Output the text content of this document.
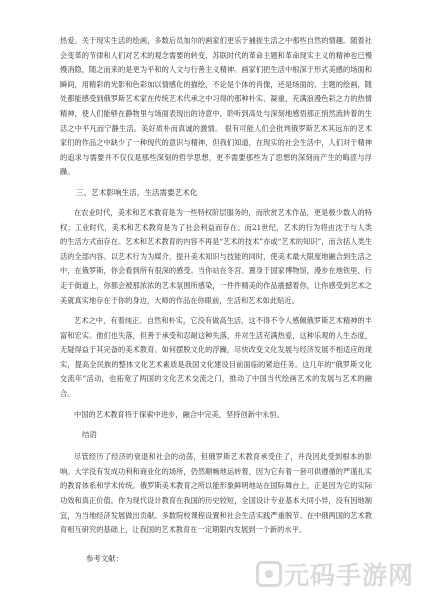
热爱。关于现实生活的绘画，多数后员加尔的画家们更乐于捕捉生活之中那些自然的情趣。随着社会变革的节律和人们对艺术的观念需要的转变，苏联时代的革命主题和革命现实主义的精神也已慢慢消隐，随之而来的是更为平和的人文与行善主义精神。画家们把生活中根深于形式美感的场面和瞬间，用精彩的光影和色彩加以情感化的描绘，不论是个体的肖像，还是场面的、主题的绘画，随处都能感受到俄罗斯艺术家在传统艺术代承之中习得的那种朴实、凝重，充满浪漫色彩之力的热情精神，使人们能够在静物里与场面表现出的诗意中，聆听到高处与深刻地感悟那正悄然流转着的生活之中平凡而宁静生活。美好质朴而真诚的激情。 很有可能人们会批判俄罗斯艺术其远东的艺术家们的作品之中缺少了一种现代的意识与精神，但我们知道，在现实的社会生活中，人们对于精神的追求与需要并不仅仅是那些深刻的哲学思想，更不需要那些为了思想的深刻而产生的晦涩与浮躁。

三、艺术影响生活，生活需要艺术化

在农业时代，美术和艺术教育是为一些特权阶层服务的，而欣赏艺术作品，更是极少数人的特权；工业时代，美术和艺术教育是为了社会利益而存在；而21世纪，艺术的行为将由沈于与人类的生活方式而存在。艺术和艺术教育的内容不再是“艺术的技术”亦或“艺术的知识”，而含括人类生活的全部内容。以艺术行为为媒介，提升美术知识与技能的同时，使美术最大限度地融合到生活之中，在俄罗斯，你会看到所有很深的感受。当你站在冬宫、置身于国家博物馆，漫步在地铁里、行走于街道上，你都会被那浓浓的艺术氛围所感染，一件件精美的作品震撼着你，让你感受到艺术之美就真实地存在于你的身边，大师的作品在你眼前，生活和艺术如此贴近。

艺术之中，有着纯正、自然和朴实，它没有做高生活，这不得不令人感佩俄罗斯艺术精神的丰富和宏实。他们也失落，但善于承受和忍耐这种失落，并对生活充满热爱，这种乐观的人生态度，无疑得益于其完备的美术教育。如何摆脱文化的浮躁，尽快改变文化发展与经济发展不相适应的现实，提高全民族的整体文化艺术素质是我国文化建设目前面临的紧迫任务。这几年的“俄罗斯文化交流年”活动，也拓宽了两国的文化艺术交流之门，推动了中国当代绘画艺术的发展与艺术的融合。

中国的艺术教育将于探索中进步，融合中完美，坚持创新中永恒。

结语

尽管经历了经济的衰退和社会的动荡，但俄罗斯艺术教育承受住了，并没因此受到根本的影响。大学没有发成功利和商业化的场所，仍然顺畅地运转着，因为它有着一套可供遵循的严谨扎实的教育体系和学术传统。俄罗斯美术教育之所以能形象鲜明地站在国际舞台上，正是因为它的实际功效和真正价值。作为现代设计教育在我国的历史较短，全国设计专业基本大同小异，没有因地制宜，为当地经济发展做出贡献。多数院校课程设置和社会生活实践严重脱节。在中俄两国的艺术教育相互研究的基础上，让我国的艺术教育在一定期限内发展到一个新的水平。

参考文献：
元码手游网
